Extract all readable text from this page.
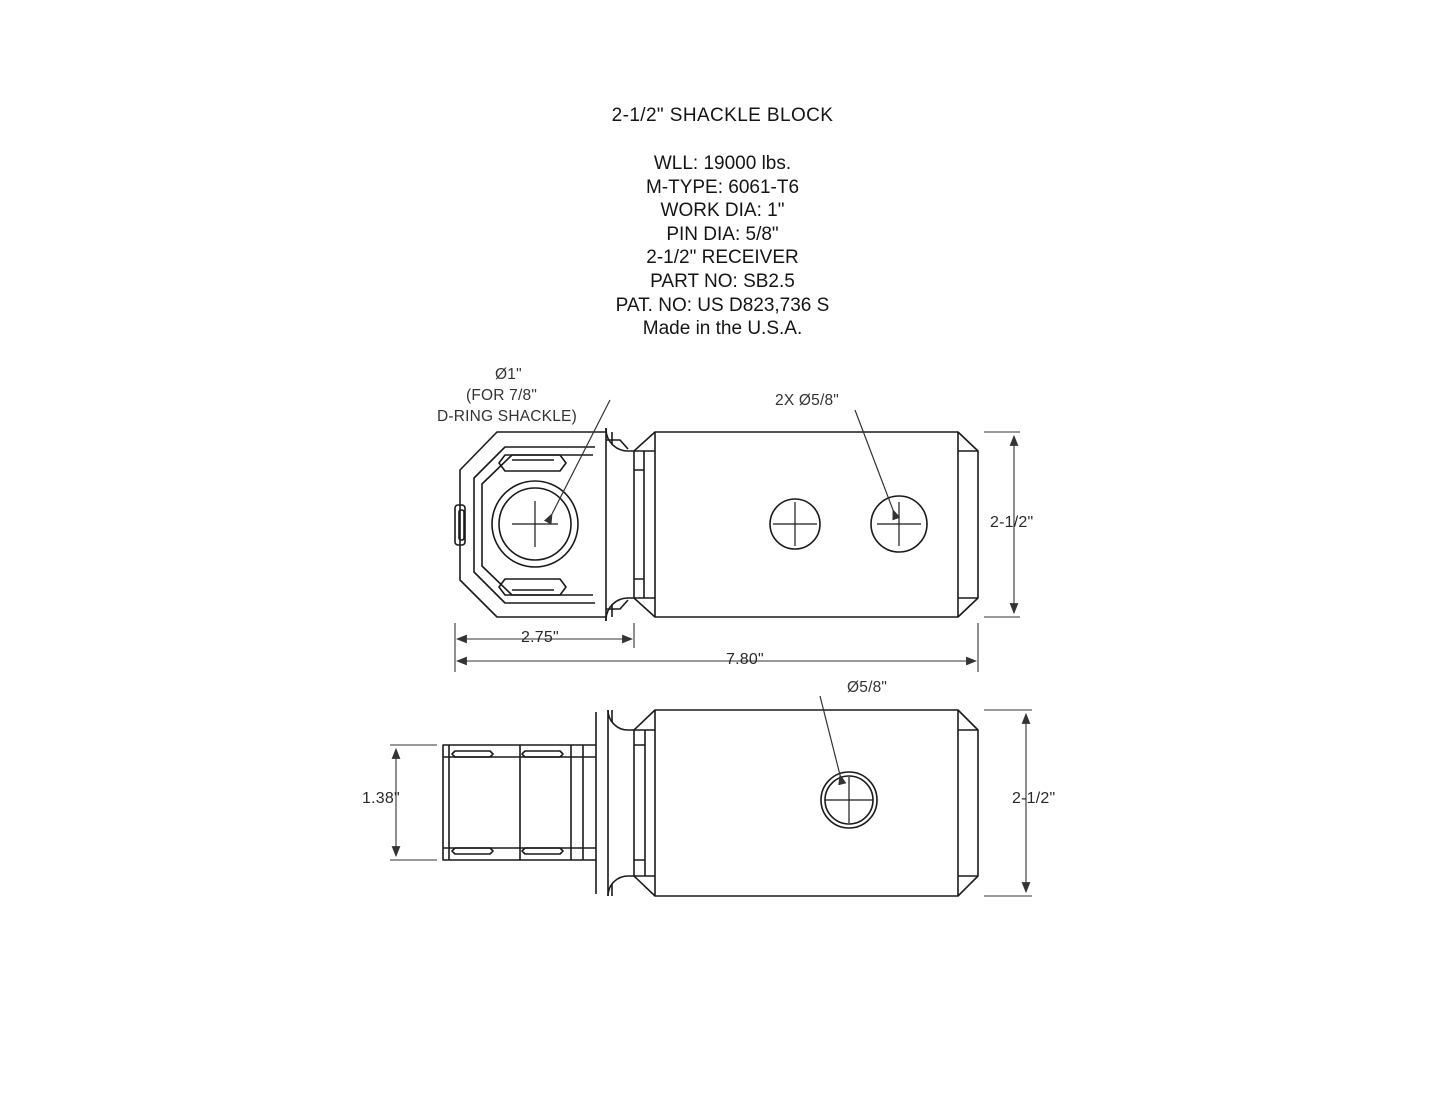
2-1/2" SHACKLE BLOCK
WLL: 19000 lbs.
M-TYPE: 6061-T6
WORK DIA: 1"
PIN DIA: 5/8"
2-1/2" RECEIVER
PART NO: SB2.5
PAT. NO: US D823,736 S
Made in the U.S.A.
Ø1"
(FOR 7/8"
D-RING SHACKLE)
2X Ø5/8"
2-1/2"
2.75"
7.80"
Ø5/8"
2-1/2"
1.38"
